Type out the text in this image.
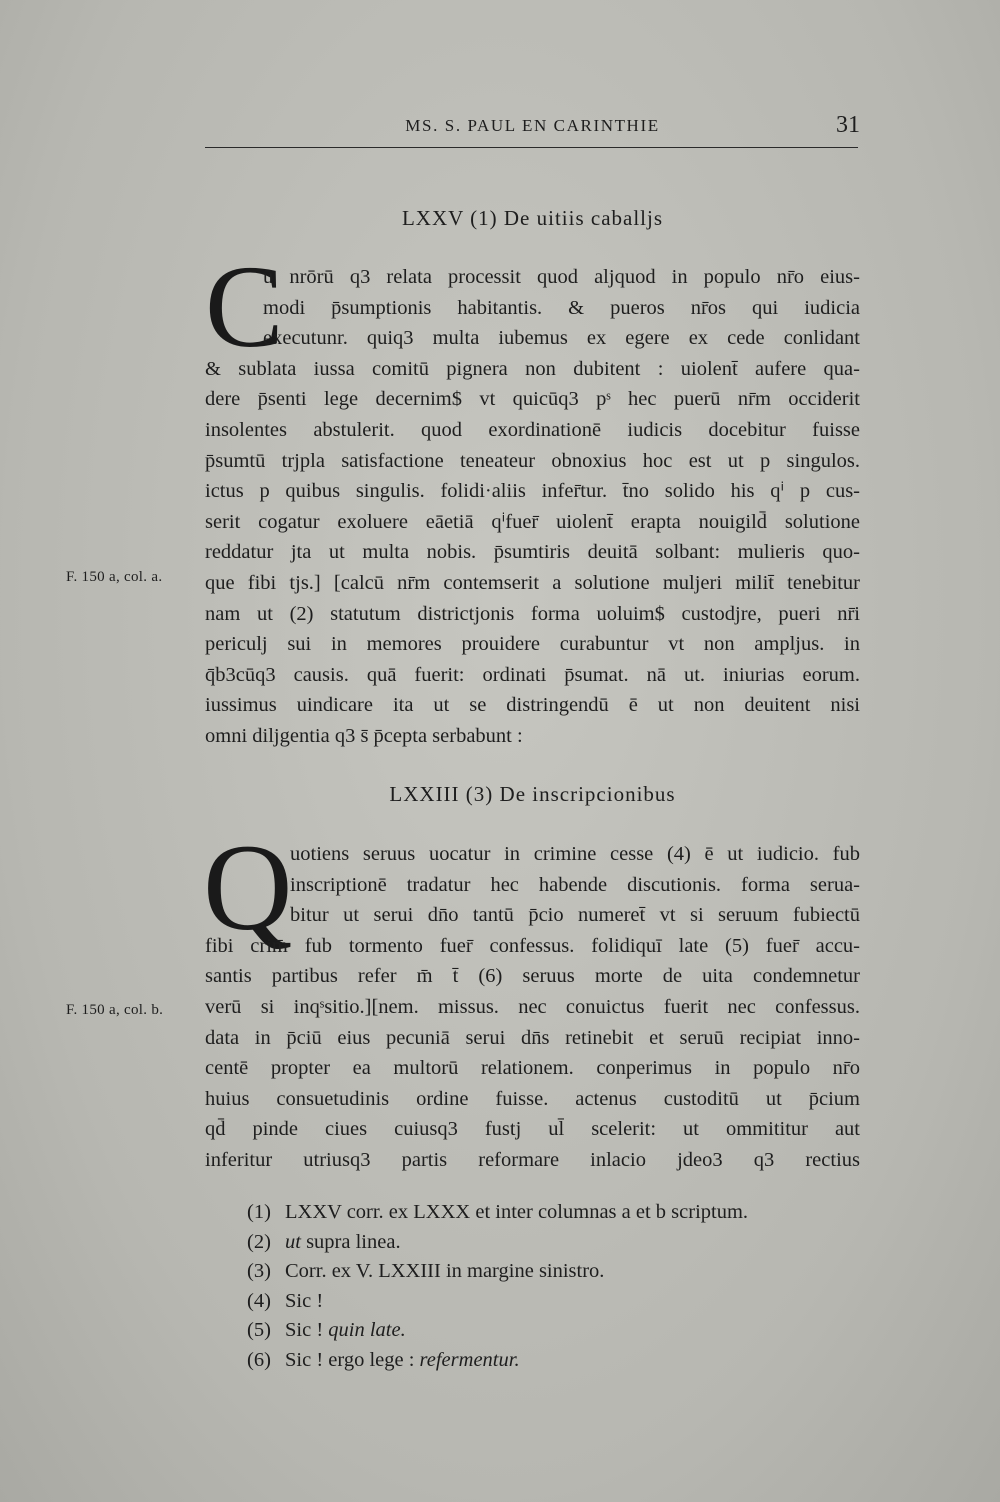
MS. S. PAUL EN CARINTHIE	31
LXXV (1) De uitiis caballjs
C
ū nrōrū q3 relata processit quod aljquod in populo nr̄o eius-
modi p̄sumptionis habitantis. & pueros nr̄os qui iudicia
executunr. quiq3 multa iubemus ex egere ex cede conlidant
& sublata iussa comitū pignera non dubitent : uiolent̄ aufere qua-
dere p̄senti lege decernim$ vt quicūq3 pˢ hec puerū nr̄m occiderit
insolentes abstulerit. quod exordinationē iudicis docebitur fuisse
p̄sumtū trjpla satisfactione teneateur obnoxius hoc est ut p singulos.
ictus p quibus singulis. folidi·aliis infer̄tur. t̄no solido his qⁱ p cus-
serit cogatur exoluere eāetiā qⁱfuer̄ uiolent̄ erapta nouigild̄ solutione
reddatur jta ut multa nobis. p̄sumtiris deuitā solbant: mulieris quo-
que fibi tjs.] [calcū nr̄m contemserit a solutione muljeri milit̄ tenebitur
nam ut (2) statutum districtjonis forma uoluim$ custodjre, pueri nr̄i
periculj sui in memores prouidere curabuntur vt non ampljus. in
q̄b3cūq3 causis. quā fuerit: ordinati p̄sumat. nā ut. iniurias eorum.
iussimus uindicare ita ut se distringendū ē ut non deuitent nisi
omni diljgentia q3 s̄ p̄cepta serbabunt :
F. 150 a, col. a.
LXXIII (3) De inscripcionibus
Q
uotiens seruus uocatur in crimine cesse (4) ē ut iudicio. fub
inscriptionē tradatur hec habende discutionis. forma serua-
bitur ut serui dn̄o tantū p̄cio numeret̄ vt si seruum fubiectū
fibi crim̄ fub tormento fuer̄ confessus. folidiquī late (5) fuer̄ accu-
santis partibus refer m̄ t̄ (6) seruus morte de uita condemnetur
verū si inqˢsitio.][nem. missus. nec conuictus fuerit nec confessus.
data in p̄ciū eius pecuniā serui dn̄s retinebit et seruū recipiat inno-
centē propter ea multorū relationem. conperimus in populo nr̄o
huius consuetudinis ordine fuisse. actenus custoditū ut p̄cium
qd̄ pinde ciues cuiusq3 fustj ul̄ scelerit: ut ommititur aut
inferitur utriusq3 partis reformare inlacio jdeo3 q3 rectius
F. 150 a, col. b.
(1) LXXV corr. ex LXXX et inter columnas a et b scriptum.
(2) ut supra linea.
(3) Corr. ex V. LXXIII in margine sinistro.
(4) Sic !
(5) Sic ! quin late.
(6) Sic ! ergo lege : refermentur.
